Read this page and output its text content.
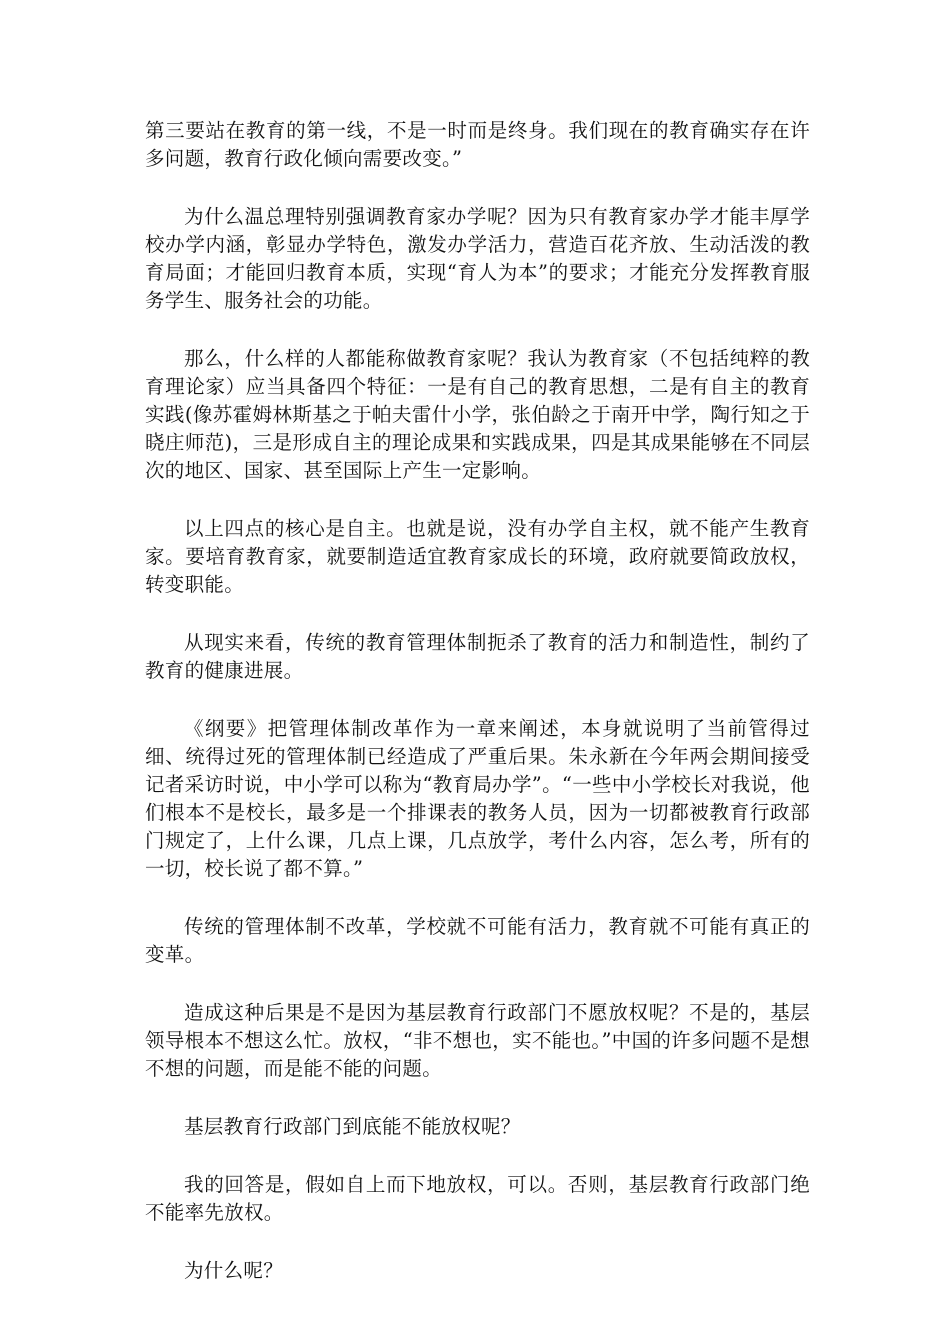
第三要站在教育的第一线，不是一时而是终身。我们现在的教育确实存在许多问题，教育行政化倾向需要改变。”

为什么温总理特别强调教育家办学呢？因为只有教育家办学才能丰厚学校办学内涵，彰显办学特色，激发办学活力，营造百花齐放、生动活泼的教育局面；才能回归教育本质，实现“育人为本”的要求；才能充分发挥教育服务学生、服务社会的功能。

那么，什么样的人都能称做教育家呢？我认为教育家（不包括纯粹的教育理论家）应当具备四个特征：一是有自己的教育思想，二是有自主的教育实践(像苏霍姆林斯基之于帕夫雷什小学，张伯龄之于南开中学，陶行知之于晓庄师范)，三是形成自主的理论成果和实践成果，四是其成果能够在不同层次的地区、国家、甚至国际上产生一定影响。

以上四点的核心是自主。也就是说，没有办学自主权，就不能产生教育家。要培育教育家，就要制造适宜教育家成长的环境，政府就要简政放权，转变职能。

从现实来看，传统的教育管理体制扼杀了教育的活力和制造性，制约了教育的健康进展。

《纲要》把管理体制改革作为一章来阐述，本身就说明了当前管得过细、统得过死的管理体制已经造成了严重后果。朱永新在今年两会期间接受记者采访时说，中小学可以称为“教育局办学”。“一些中小学校长对我说，他们根本不是校长，最多是一个排课表的教务人员，因为一切都被教育行政部门规定了，上什么课，几点上课，几点放学，考什么内容，怎么考，所有的一切，校长说了都不算。”

传统的管理体制不改革，学校就不可能有活力，教育就不可能有真正的变革。

造成这种后果是不是因为基层教育行政部门不愿放权呢？不是的，基层领导根本不想这么忙。放权，“非不想也，实不能也。”中国的许多问题不是想不想的问题，而是能不能的问题。

基层教育行政部门到底能不能放权呢？

我的回答是，假如自上而下地放权，可以。否则，基层教育行政部门绝不能率先放权。

为什么呢？
